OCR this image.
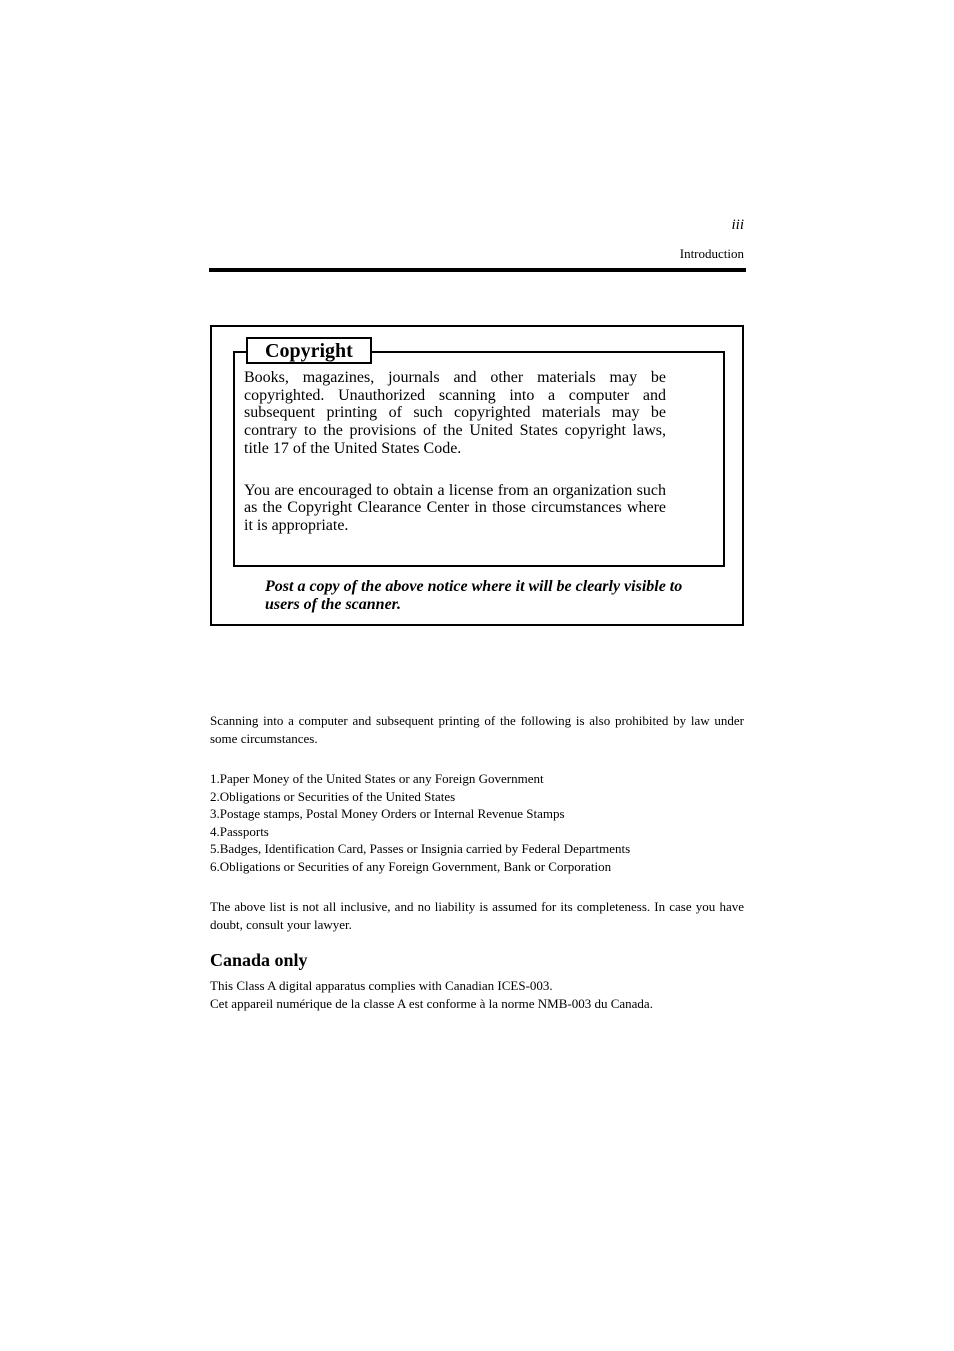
iii
Introduction
Copyright

Books, magazines, journals and other materials may be copyrighted. Unauthorized scanning into a computer and subsequent printing of such copyrighted materials may be contrary to the provisions of the United States copyright laws, title 17 of the United States Code.

You are encouraged to obtain a license from an organization such as the Copyright Clearance Center in those circumstances where it is appropriate.

Post a copy of the above notice where it will be clearly visible to users of the scanner.
Scanning into a computer and subsequent printing of the following is also prohibited by law under some circumstances.
1.Paper Money of the United States or any Foreign Government
2.Obligations or Securities of the United States
3.Postage stamps, Postal Money Orders or Internal Revenue Stamps
4.Passports
5.Badges, Identification Card, Passes or Insignia carried by Federal Departments
6.Obligations or Securities of any Foreign Government, Bank or Corporation
The above list is not all inclusive, and no liability is assumed for its completeness. In case you have doubt, consult your lawyer.
Canada only
This Class A digital apparatus complies with Canadian ICES-003.
Cet appareil numérique de la classe A est conforme à la norme NMB-003 du Canada.
